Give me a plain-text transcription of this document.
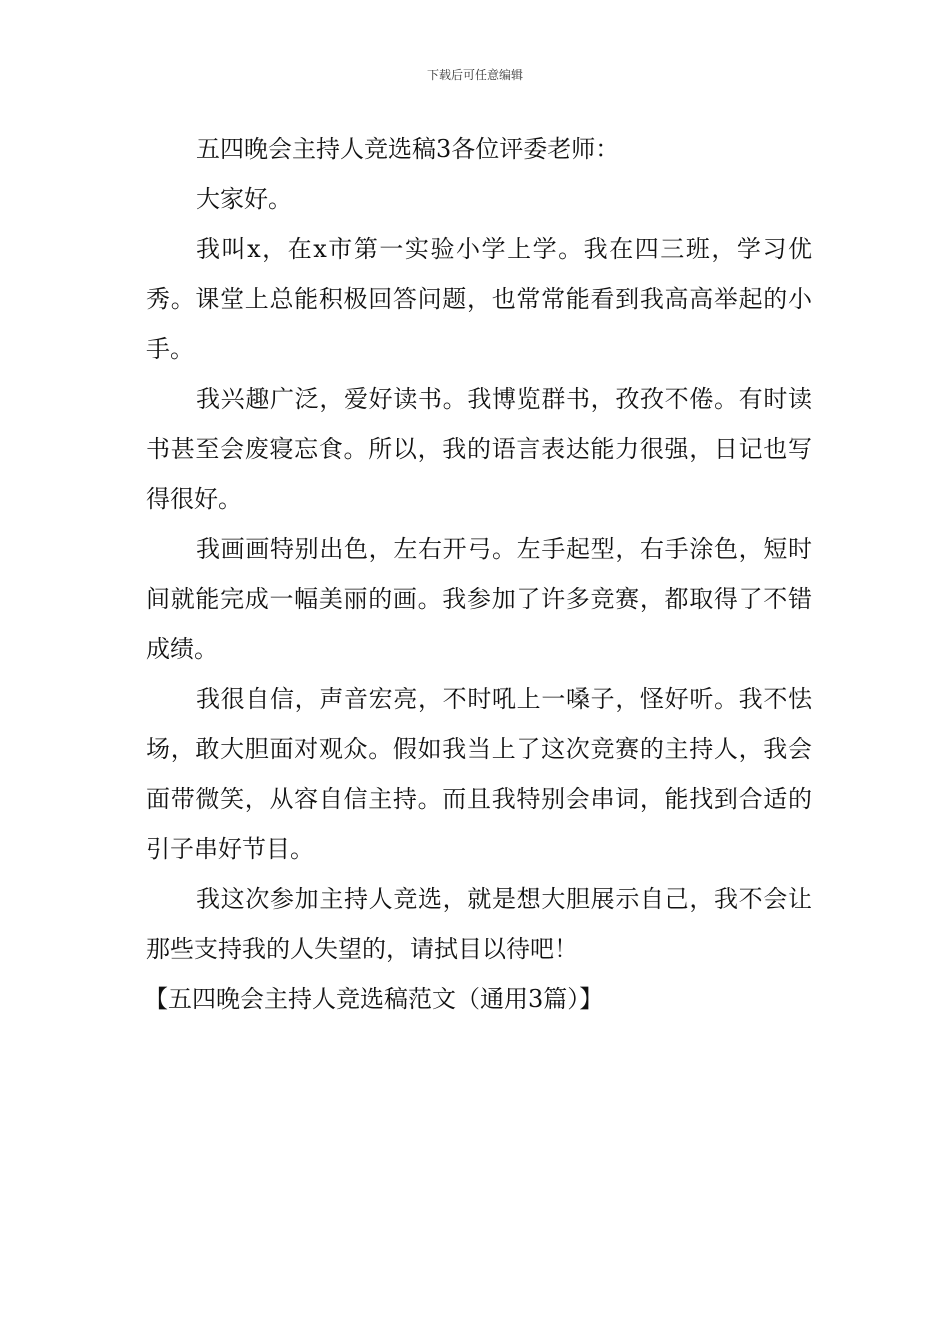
下载后可任意编辑

五四晚会主持人竞选稿3各位评委老师：

大家好。

我叫x，在x市第一实验小学上学。我在四三班，学习优秀。课堂上总能积极回答问题，也常常能看到我高高举起的小手。

我兴趣广泛，爱好读书。我博览群书，孜孜不倦。有时读书甚至会废寝忘食。所以，我的语言表达能力很强，日记也写得很好。

我画画特别出色，左右开弓。左手起型，右手涂色，短时间就能完成一幅美丽的画。我参加了许多竞赛，都取得了不错成绩。

我很自信，声音宏亮，不时吼上一嗓子，怪好听。我不怯场，敢大胆面对观众。假如我当上了这次竞赛的主持人，我会面带微笑，从容自信主持。而且我特别会串词，能找到合适的引子串好节目。

我这次参加主持人竞选，就是想大胆展示自己，我不会让那些支持我的人失望的，请拭目以待吧！

【五四晚会主持人竞选稿范文（通用3篇）】
